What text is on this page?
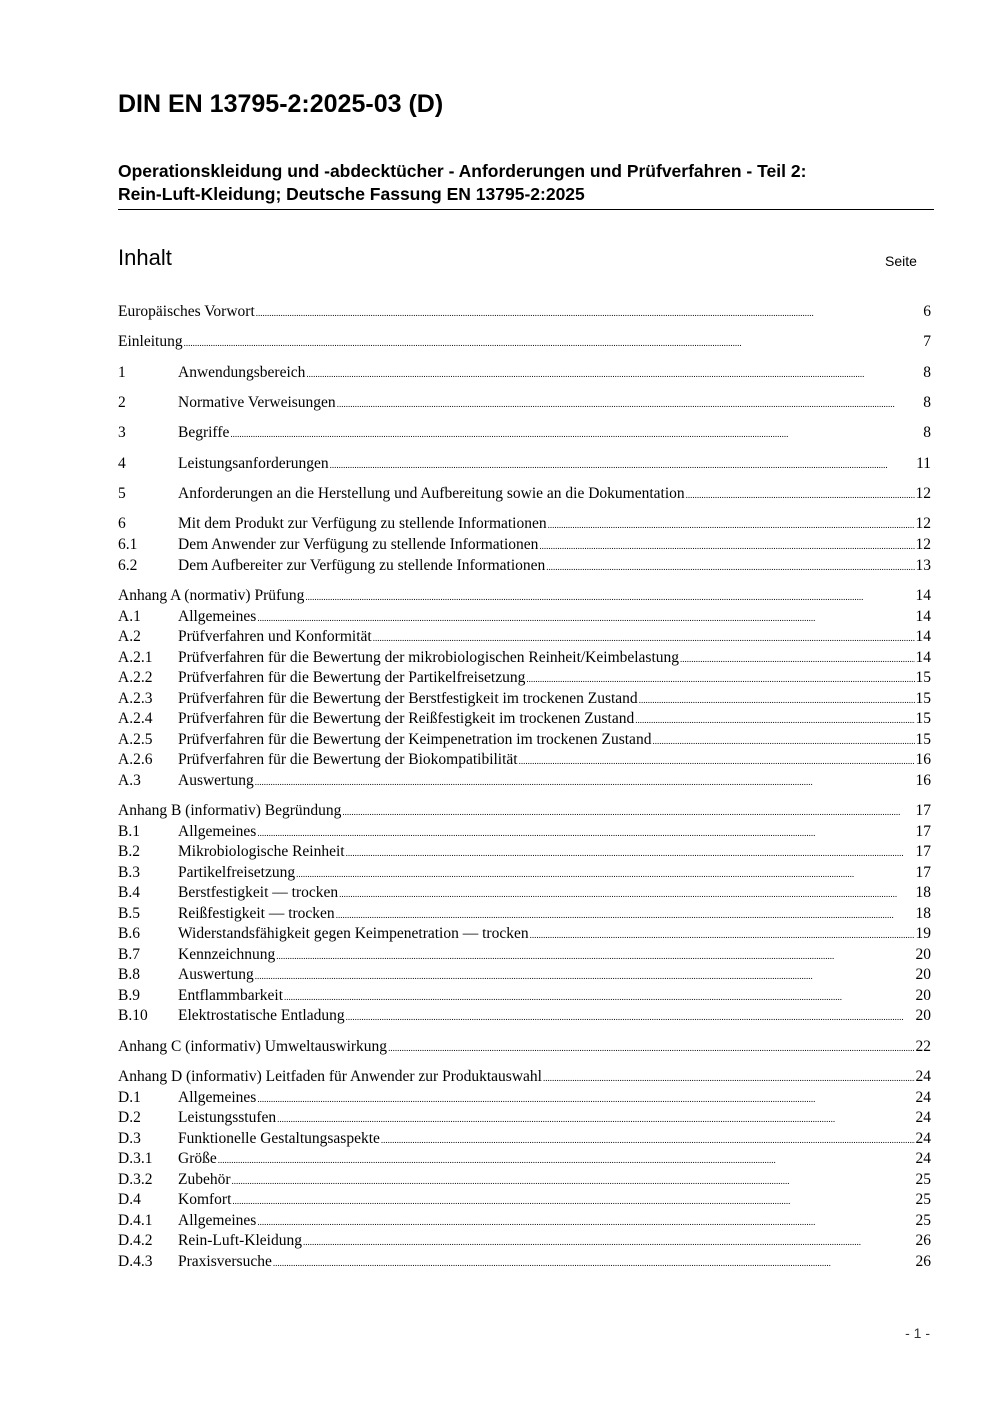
DIN EN 13795-2:2025-03 (D)
Operationskleidung und -abdecktücher - Anforderungen und Prüfverfahren - Teil 2:
Rein-Luft-Kleidung; Deutsche Fassung EN 13795-2:2025
Inhalt	Seite
Europäisches Vorwort .....	6
Einleitung .....	7
1	Anwendungsbereich .....	8
2	Normative Verweisungen .....	8
3	Begriffe .....	8
4	Leistungsanforderungen .....	11
5	Anforderungen an die Herstellung und Aufbereitung sowie an die Dokumentation .....	12
6	Mit dem Produkt zur Verfügung zu stellende Informationen .....	12
6.1	Dem Anwender zur Verfügung zu stellende Informationen .....	12
6.2	Dem Aufbereiter zur Verfügung zu stellende Informationen .....	13
Anhang A (normativ) Prüfung .....	14
A.1	Allgemeines .....	14
A.2	Prüfverfahren und Konformität .....	14
A.2.1	Prüfverfahren für die Bewertung der mikrobiologischen Reinheit/Keimbelastung .....	14
A.2.2	Prüfverfahren für die Bewertung der Partikelfreisetzung .....	15
A.2.3	Prüfverfahren für die Bewertung der Berstfestigkeit im trockenen Zustand .....	15
A.2.4	Prüfverfahren für die Bewertung der Reißfestigkeit im trockenen Zustand .....	15
A.2.5	Prüfverfahren für die Bewertung der Keimpenetration im trockenen Zustand .....	15
A.2.6	Prüfverfahren für die Bewertung der Biokompatibilität .....	16
A.3	Auswertung .....	16
Anhang B (informativ) Begründung .....	17
B.1	Allgemeines .....	17
B.2	Mikrobiologische Reinheit .....	17
B.3	Partikelfreisetzung .....	17
B.4	Berstfestigkeit — trocken .....	18
B.5	Reißfestigkeit — trocken .....	18
B.6	Widerstandsfähigkeit gegen Keimpenetration — trocken .....	19
B.7	Kennzeichnung .....	20
B.8	Auswertung .....	20
B.9	Entflammbarkeit .....	20
B.10	Elektrostatische Entladung .....	20
Anhang C (informativ) Umweltauswirkung .....	22
Anhang D (informativ) Leitfaden für Anwender zur Produktauswahl .....	24
D.1	Allgemeines .....	24
D.2	Leistungsstufen .....	24
D.3	Funktionelle Gestaltungsaspekte .....	24
D.3.1	Größe .....	24
D.3.2	Zubehör .....	25
D.4	Komfort .....	25
D.4.1	Allgemeines .....	25
D.4.2	Rein-Luft-Kleidung .....	26
D.4.3	Praxisversuche .....	26
- 1 -
